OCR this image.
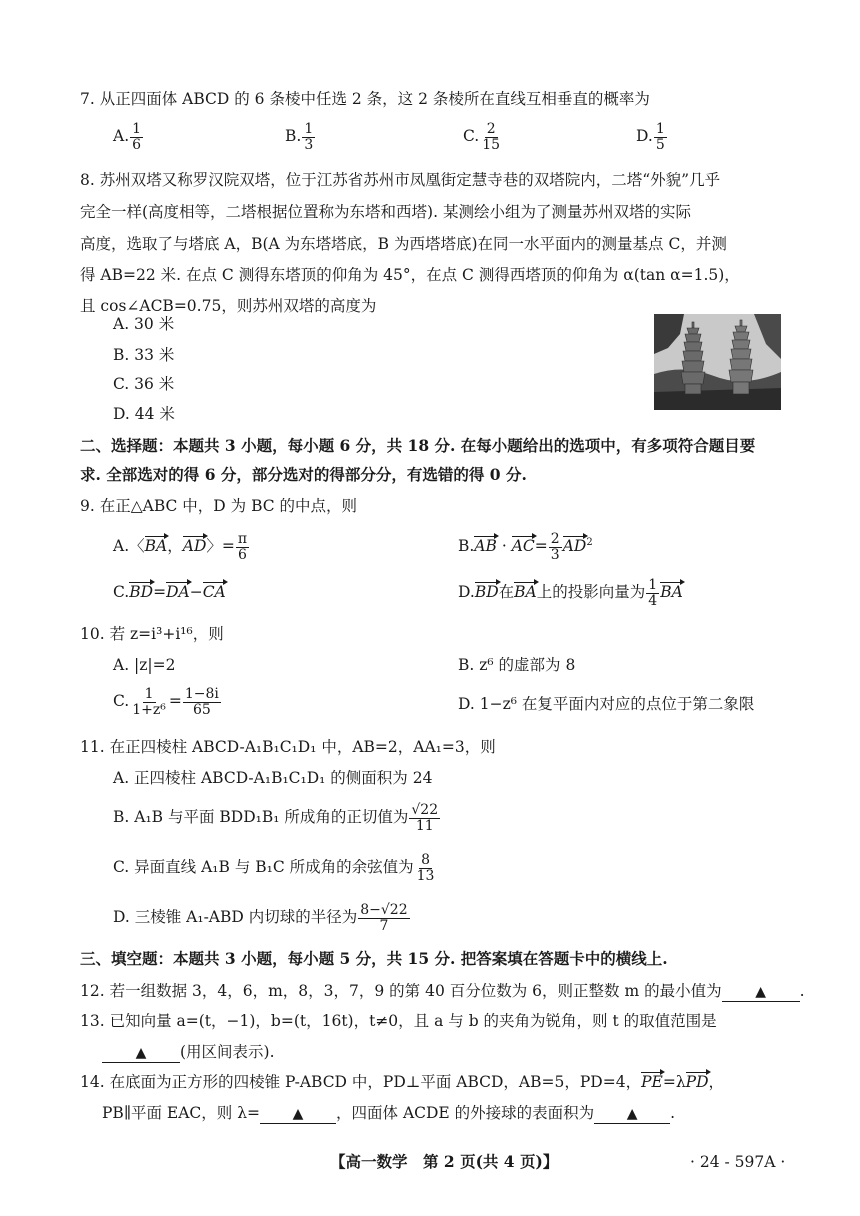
7. 从正四面体 ABCD 的 6 条棱中任选 2 条，这 2 条棱所在直线互相垂直的概率为
A. $\frac{1}{6}$	B. $\frac{1}{3}$	C. $\frac{2}{15}$	D. $\frac{1}{5}$
8. 苏州双塔又称罗汉院双塔，位于江苏省苏州市凤凰街定慧寺巷的双塔院内，二塔“外貌”几乎
完全一样(高度相等，二塔根据位置称为东塔和西塔). 某测绘小组为了测量苏州双塔的实际
高度，选取了与塔底 A，B(A 为东塔塔底，B 为西塔塔底)在同一水平面内的测量基点 C，并测
得 AB=22 米. 在点 C 测得东塔顶的仰角为 45°，在点 C 测得西塔顶的仰角为 α(tan α=1.5)，
且 cos∠ACB=0.75，则苏州双塔的高度为
A. 30 米
B. 33 米
C. 36 米
D. 44 米
二、选择题：本题共 3 小题，每小题 6 分，共 18 分. 在每小题给出的选项中，有多项符合题目要
求. 全部选对的得 6 分，部分选对的得部分分，有选错的得 0 分.
9. 在正△ABC 中，D 为 BC 的中点，则
A.〈BA，AD〉= $\frac{\pi}{6}$	$B.AB \cdot AC= \frac{2}{3} AD^2$
C.BD=DA−CA	D.BD在BA上的投影向量为 $\frac{1}{4}$ BA
10. 若 z=i³+i¹⁶，则
A. |z|=2	B. z⁶ 的虚部为 8
C. $\frac{1}{\text{1+z⁶}} = \frac{1-8i}{65}$	D. 1−z⁶ 在复平面内对应的点位于第二象限
11. 在正四棱柱 ABCD-A₁B₁C₁D₁ 中，AB=2，AA₁=3，则
A. 正四棱柱 ABCD-A₁B₁C₁D₁ 的侧面积为 24
B. A₁B 与平面 BDD₁B₁ 所成角的正切值为 $\frac{√22}{11}$
C. 异面直线 A₁B 与 B₁C 所成角的余弦值为 $\frac{8}{13}$
D. 三棱锥 A₁-ABD 内切球的半径为 $\frac{8-√22}{7}$
三、填空题：本题共 3 小题，每小题 5 分，共 15 分. 把答案填在答题卡中的横线上.
12. 若一组数据 3，4，6，m，8，3，7，9 的第 40 百分位数为 6，则正整数 m 的最小值为 ▲ .
13. 已知向量 a=(t，−1)，b=(t，16t)，t≠0，且 a 与 b 的夹角为锐角，则 t 的取值范围是
▲ (用区间表示).
14. 在底面为正方形的四棱锥 P-ABCD 中，PD⊥平面 ABCD，AB=5，PD=4，PE=λPD，
PB∥平面 EAC，则 λ= ▲ ，四面体 ACDE 的外接球的表面积为 ▲ .
【高一数学　第 2 页(共 4 页)】	· 24 - 597A ·
